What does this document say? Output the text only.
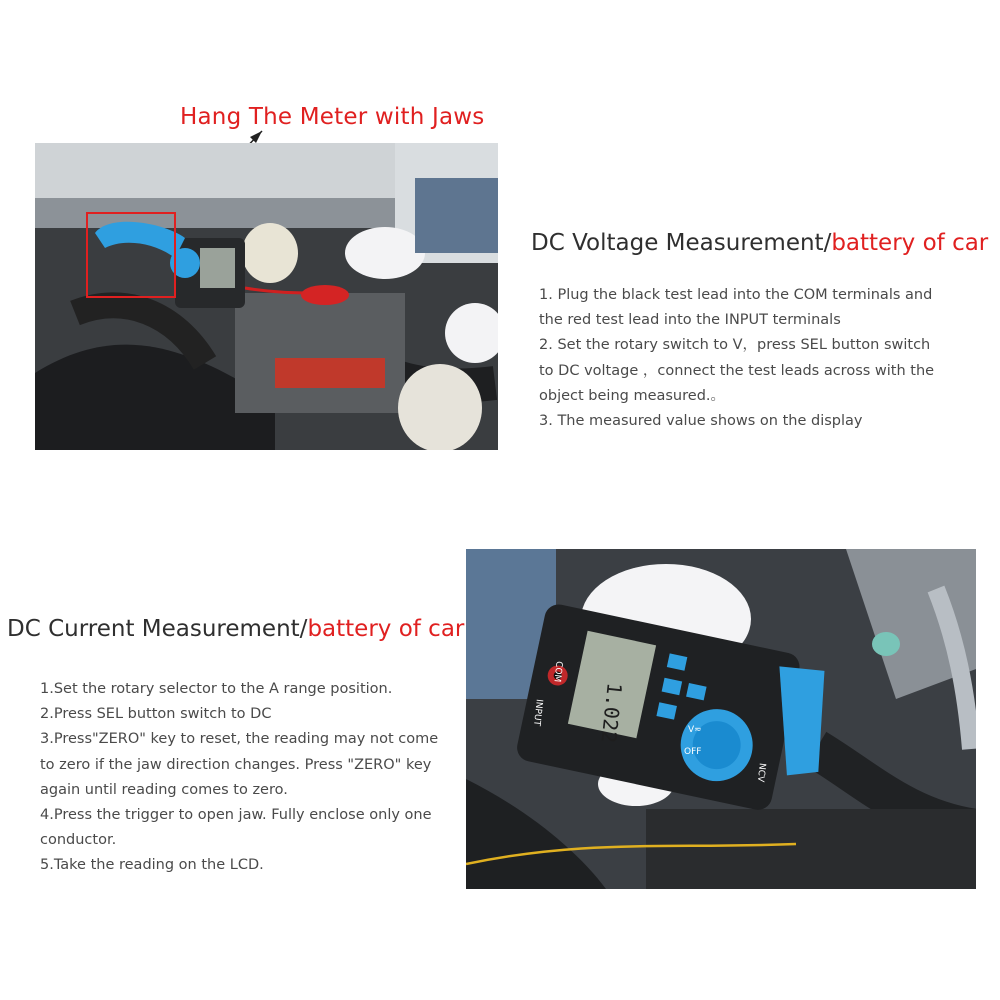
Hang The Meter with Jaws
DC Voltage Measurement/battery of car
1. Plug the black test lead into the COM terminals and
the red test lead into the INPUT terminals
2. Set the rotary switch to V，press SEL button switch
to DC voltage ，connect the test leads across with the
object being measured.。
3. The measured value shows on the display
DC Current Measurement/battery of car
1.Set the rotary selector to the A range position.
2.Press SEL button switch to DC
3.Press"ZERO" key to reset, the reading may not come
to zero if the jaw direction changes. Press "ZERO" key
again until reading comes to zero.
4.Press the trigger to open jaw. Fully enclose only one
conductor.
5.Take the reading on the LCD.
1.022
COM
INPUT
OFF
V≂
NCV
